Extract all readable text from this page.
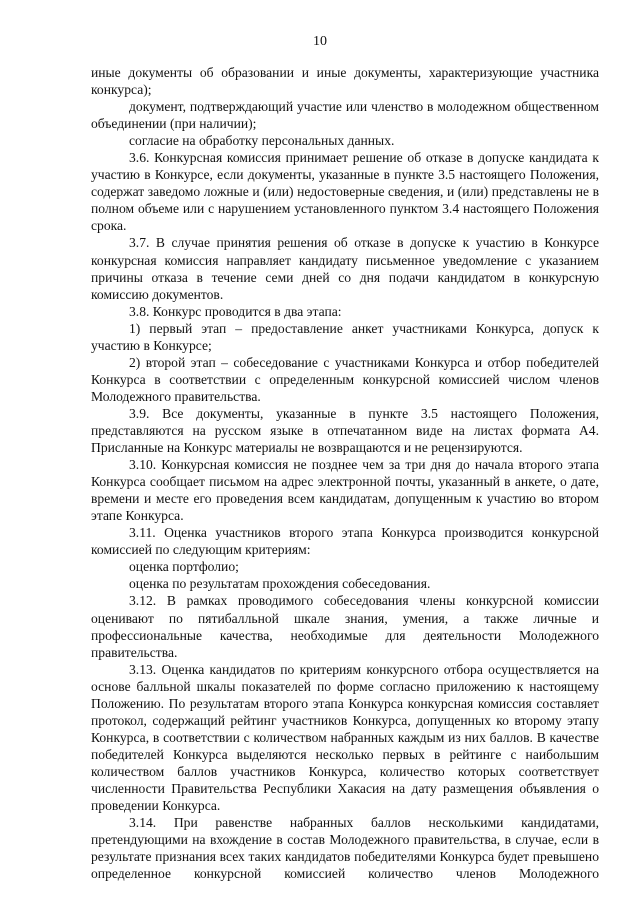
10

иные документы об образовании и иные документы, характеризующие участника конкурса);

документ, подтверждающий участие или членство в молодежном общественном объединении (при наличии);

согласие на обработку персональных данных.

3.6. Конкурсная комиссия принимает решение об отказе в допуске кандидата к участию в Конкурсе, если документы, указанные в пункте 3.5 настоящего Положения, содержат заведомо ложные и (или) недостоверные сведения, и (или) представлены не в полном объеме или с нарушением установленного пунктом 3.4 настоящего Положения срока.

3.7. В случае принятия решения об отказе в допуске к участию в Конкурсе конкурсная комиссия направляет кандидату письменное уведомление с указанием причины отказа в течение семи дней со дня подачи кандидатом в конкурсную комиссию документов.

3.8. Конкурс проводится в два этапа:

1) первый этап – предоставление анкет участниками Конкурса, допуск к участию в Конкурсе;

2) второй этап – собеседование с участниками Конкурса и отбор победителей Конкурса в соответствии с определенным конкурсной комиссией числом членов Молодежного правительства.

3.9. Все документы, указанные в пункте 3.5 настоящего Положения, представляются на русском языке в отпечатанном виде на листах формата А4. Присланные на Конкурс материалы не возвращаются и не рецензируются.

3.10. Конкурсная комиссия не позднее чем за три дня до начала второго этапа Конкурса сообщает письмом на адрес электронной почты, указанный в анкете, о дате, времени и месте его проведения всем кандидатам, допущенным к участию во втором этапе Конкурса.

3.11. Оценка участников второго этапа Конкурса производится конкурсной комиссией по следующим критериям:

оценка портфолио;

оценка по результатам прохождения собеседования.

3.12. В рамках проводимого собеседования члены конкурсной комиссии оценивают по пятибалльной шкале знания, умения, а также личные и профессиональные качества, необходимые для деятельности Молодежного правительства.

3.13. Оценка кандидатов по критериям конкурсного отбора осуществляется на основе балльной шкалы показателей по форме согласно приложению к настоящему Положению. По результатам второго этапа Конкурса конкурсная комиссия составляет протокол, содержащий рейтинг участников Конкурса, допущенных ко второму этапу Конкурса, в соответствии с количеством набранных каждым из них баллов. В качестве победителей Конкурса выделяются несколько первых в рейтинге с наибольшим количеством баллов участников Конкурса, количество которых соответствует численности Правительства Республики Хакасия на дату размещения объявления о проведении Конкурса.

3.14. При равенстве набранных баллов несколькими кандидатами, претендующими на вхождение в состав Молодежного правительства, в случае, если в результате признания всех таких кандидатов победителями Конкурса будет превышено определенное конкурсной комиссией количество членов Молодежного
